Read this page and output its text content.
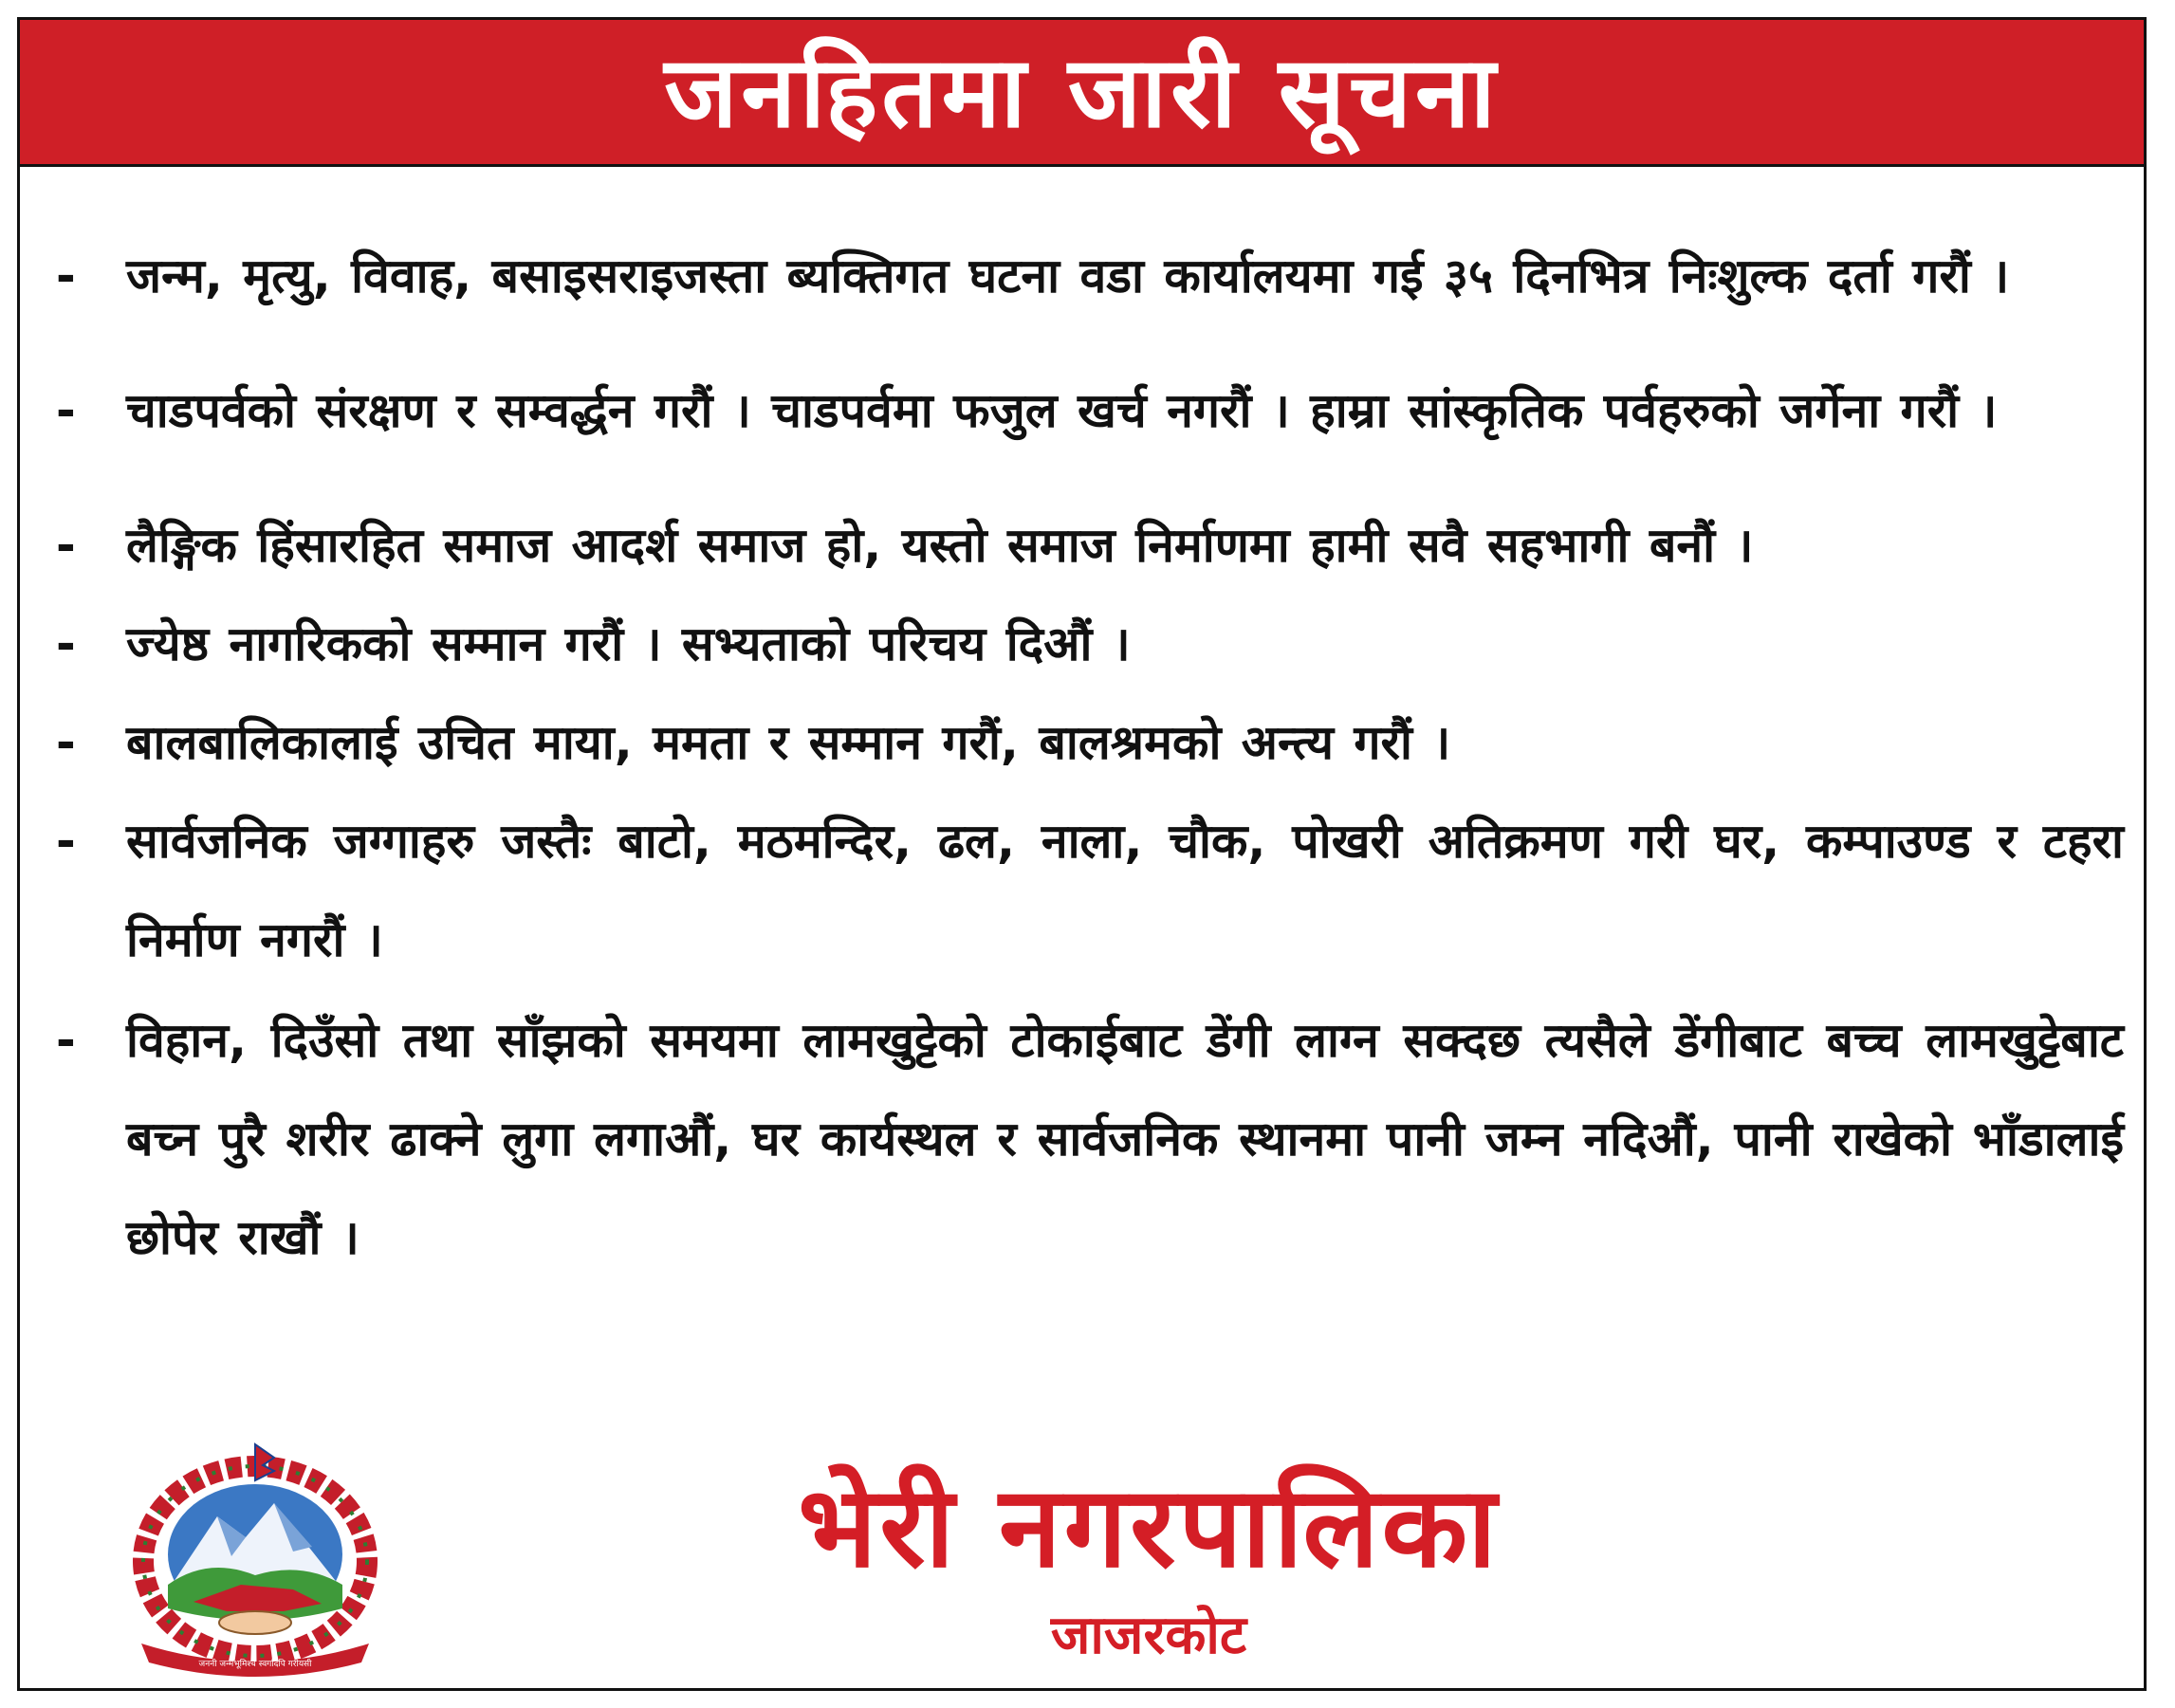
जनहितमा जारी सूचना
-	जन्म, मृत्यु, विवाह, बसाइसराइजस्ता ब्यक्तिगत घटना वडा कार्यालयमा गई ३५ दिनभित्र निःशुल्क दर्ता गरौं ।
-	चाडपर्वको संरक्षण र सम्वर्द्धन गरौं । चाडपर्वमा फजुल खर्च नगरौं । हाम्रा सांस्कृतिक पर्वहरुको जर्गेना गरौं ।
-	लैङ्गिक हिंसारहित समाज आदर्श समाज हो, यस्तो समाज निर्माणमा हामी सवै सहभागी बनौं ।
-	ज्येष्ठ नागरिकको सम्मान गरौं । सभ्यताको परिचय दिऔं ।
-	बालबालिकालाई उचित माया, ममता र सम्मान गरौं, बालश्रमको अन्त्य गरौं ।
-	सार्वजनिक जग्गाहरु जस्तैः बाटो, मठमन्दिर, ढल, नाला, चौक, पोखरी अतिक्रमण गरी घर, कम्पाउण्ड र टहरा निर्माण नगरौं ।
-	विहान, दिउँसो तथा साँझको समयमा लामखुट्टेको टोकाईबाट डेंगी लाग्न सक्दछ त्यसैले डेंगीबाट बच्च लामखुट्टेबाट बच्न पुरै शरीर ढाक्ने लुगा लगाऔं, घर कार्यस्थल र सार्वजनिक स्थानमा पानी जम्न नदिऔं, पानी राखेको भाँडालाई छोपेर राखौं ।
जननी जन्मभूमिश्च स्वर्गादपि गरीयसी
भेरी नगरपालिका
जाजरकोट
